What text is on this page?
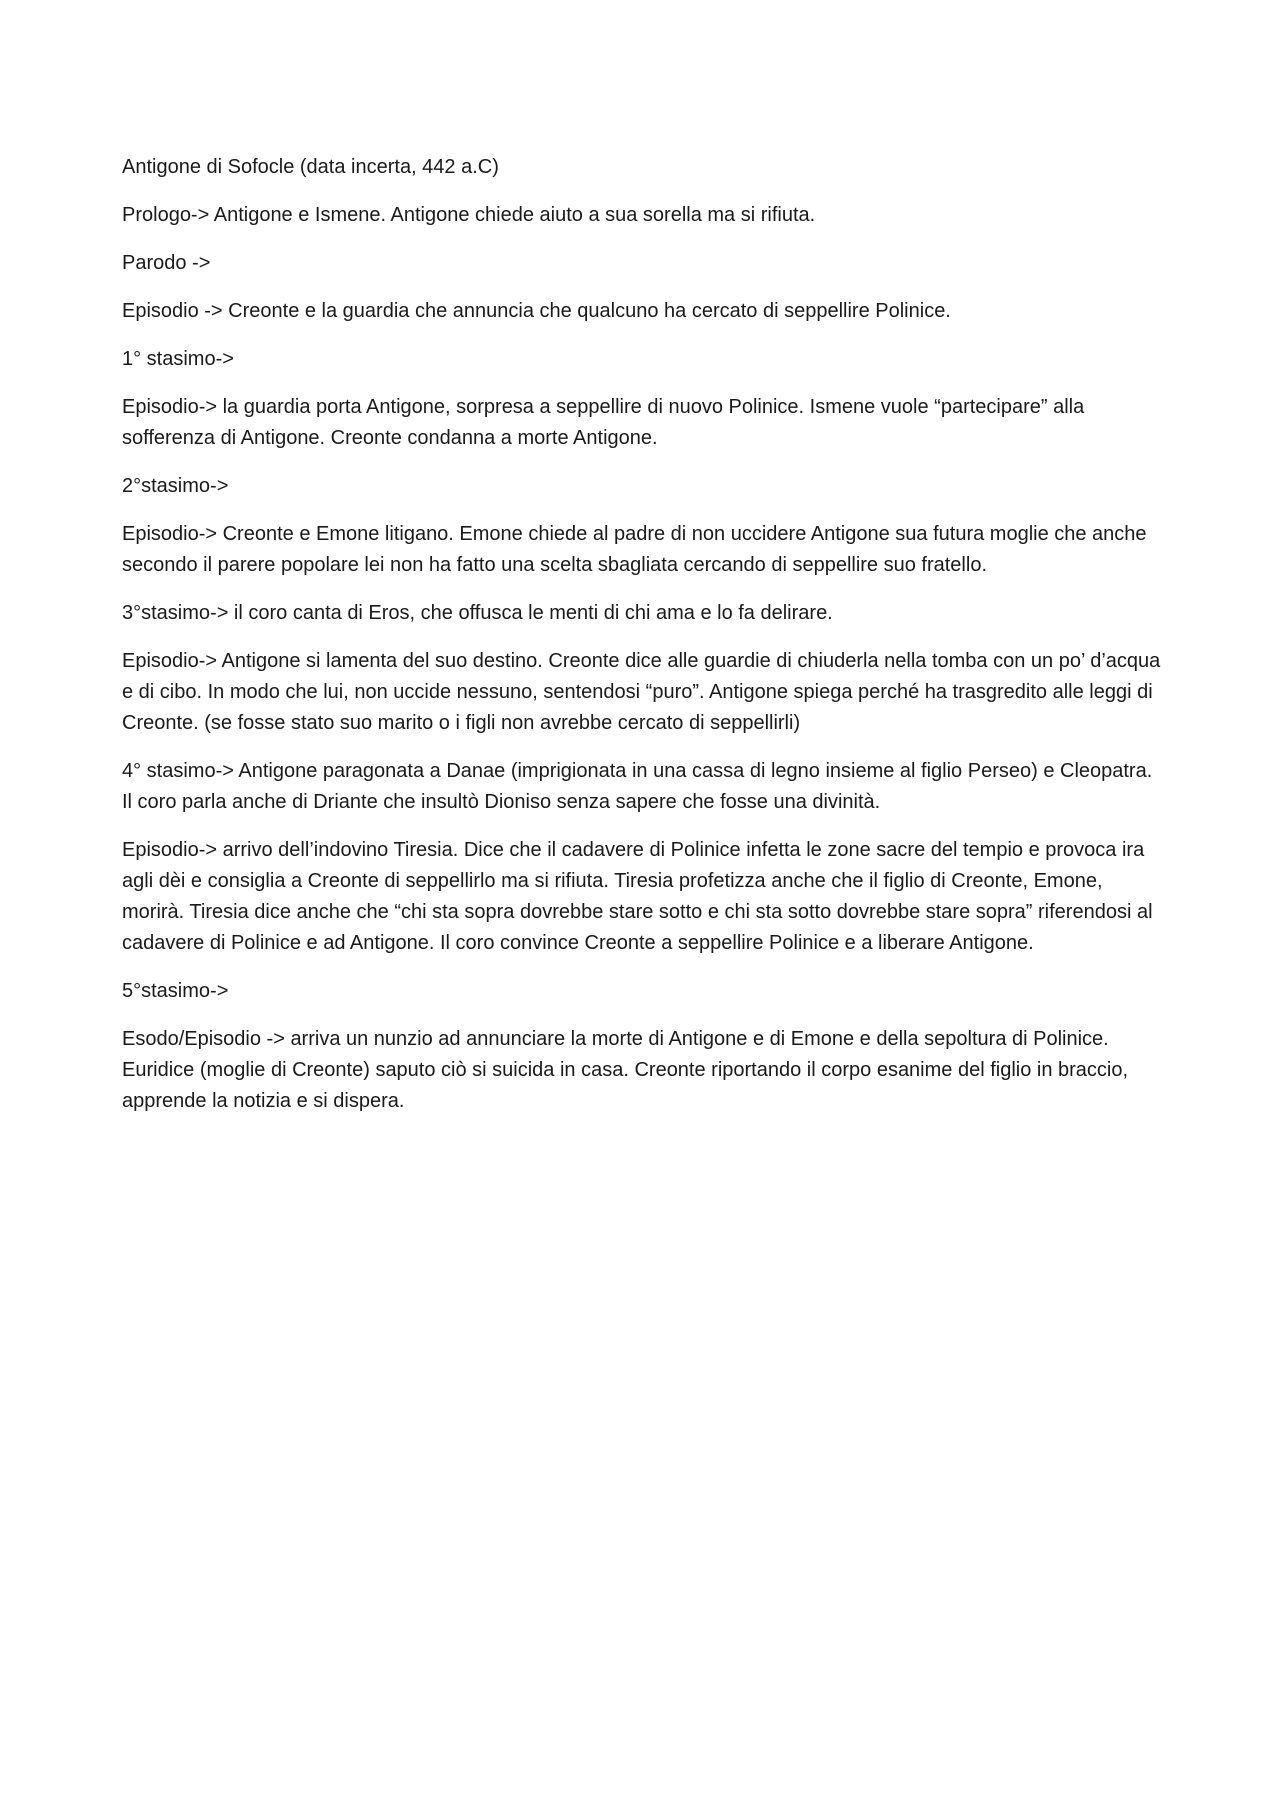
Antigone di Sofocle (data incerta, 442 a.C)

Prologo-> Antigone e Ismene. Antigone chiede aiuto a sua sorella ma si rifiuta.

Parodo ->

Episodio -> Creonte e la guardia che annuncia che qualcuno ha cercato di seppellire Polinice.

1° stasimo->

Episodio-> la guardia porta Antigone, sorpresa a seppellire di nuovo Polinice. Ismene vuole “partecipare” alla sofferenza di Antigone. Creonte condanna a morte Antigone.

2°stasimo->

Episodio-> Creonte e Emone litigano. Emone chiede al padre di non uccidere Antigone sua futura moglie che anche secondo il parere popolare lei non ha fatto una scelta sbagliata cercando di seppellire suo fratello.

3°stasimo-> il coro canta di Eros, che offusca le menti di chi ama e lo fa delirare.

Episodio-> Antigone si lamenta del suo destino. Creonte dice alle guardie di chiuderla nella tomba con un po’ d’acqua e di cibo. In modo che lui, non uccide nessuno, sentendosi “puro”. Antigone spiega perché ha trasgredito alle leggi di Creonte. (se fosse stato suo marito o i figli non avrebbe cercato di seppellirli)

4° stasimo-> Antigone paragonata a Danae (imprigionata in una cassa di legno insieme al figlio Perseo) e Cleopatra. Il coro parla anche di Driante che insultò Dioniso senza sapere che fosse una divinità.

Episodio-> arrivo dell’indovino Tiresia. Dice che il cadavere di Polinice infetta le zone sacre del tempio e provoca ira agli dèi e consiglia a Creonte di seppellirlo ma si rifiuta. Tiresia profetizza anche che il figlio di Creonte, Emone, morirà. Tiresia dice anche che “chi sta sopra dovrebbe stare sotto e chi sta sotto dovrebbe stare sopra” riferendosi al cadavere di Polinice e ad Antigone. Il coro convince Creonte a seppellire Polinice e a liberare Antigone.

5°stasimo->

Esodo/Episodio -> arriva un nunzio ad annunciare la morte di Antigone e di Emone e della sepoltura di Polinice. Euridice (moglie di Creonte) saputo ciò si suicida in casa. Creonte riportando il corpo esanime del figlio in braccio, apprende la notizia e si dispera.
